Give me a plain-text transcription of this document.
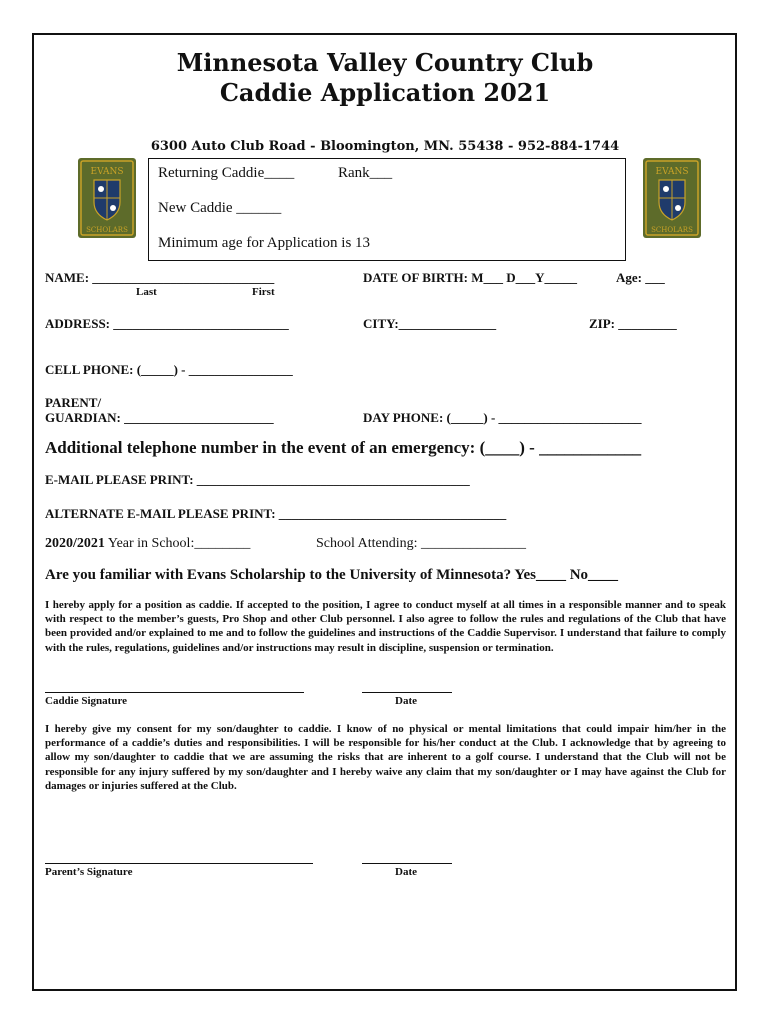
Minnesota Valley Country Club
Caddie Application 2021
6300 Auto Club Road - Bloomington, MN. 55438 - 952-884-1744
EVANS
SCHOLARS
EVANS
SCHOLARS
Returning Caddie____	Rank___
New Caddie ______
Minimum age for Application is 13
NAME: ____________________________
Last	First
DATE OF BIRTH: M___ D___Y_____	Age: ___
ADDRESS: ___________________________	CITY:_______________	ZIP: _________
CELL PHONE: (_____) - ________________
PARENT/
GUARDIAN: _______________________	DAY PHONE: (_____) - ______________________
Additional telephone number in the event of an emergency: (____) - ____________
E-MAIL PLEASE PRINT: __________________________________________
ALTERNATE E-MAIL PLEASE PRINT: ___________________________________
2020/2021 Year in School:________	School Attending: _______________
Are you familiar with Evans Scholarship to the University of Minnesota? Yes____ No____
I hereby apply for a position as caddie. If accepted to the position, I agree to conduct myself at all times in a responsible manner and to speak with respect to the member’s guests, Pro Shop and other Club personnel. I also agree to follow the rules and regulations of the Club that have been provided and/or explained to me and to follow the guidelines and instructions of the Caddie Supervisor. I understand that failure to comply with the rules, regulations, guidelines and/or instructions may result in discipline, suspension or termination.
Caddie Signature	Date
I hereby give my consent for my son/daughter to caddie. I know of no physical or mental limitations that could impair him/her in the performance of a caddie’s duties and responsibilities. I will be responsible for his/her conduct at the Club. I acknowledge that by agreeing to allow my son/daughter to caddie that we are assuming the risks that are inherent to a golf course. I understand that the Club will not be responsible for any injury suffered by my son/daughter and I hereby waive any claim that my son/daughter or I may have against the Club for damages or injuries suffered at the Club.
Parent’s Signature	Date
